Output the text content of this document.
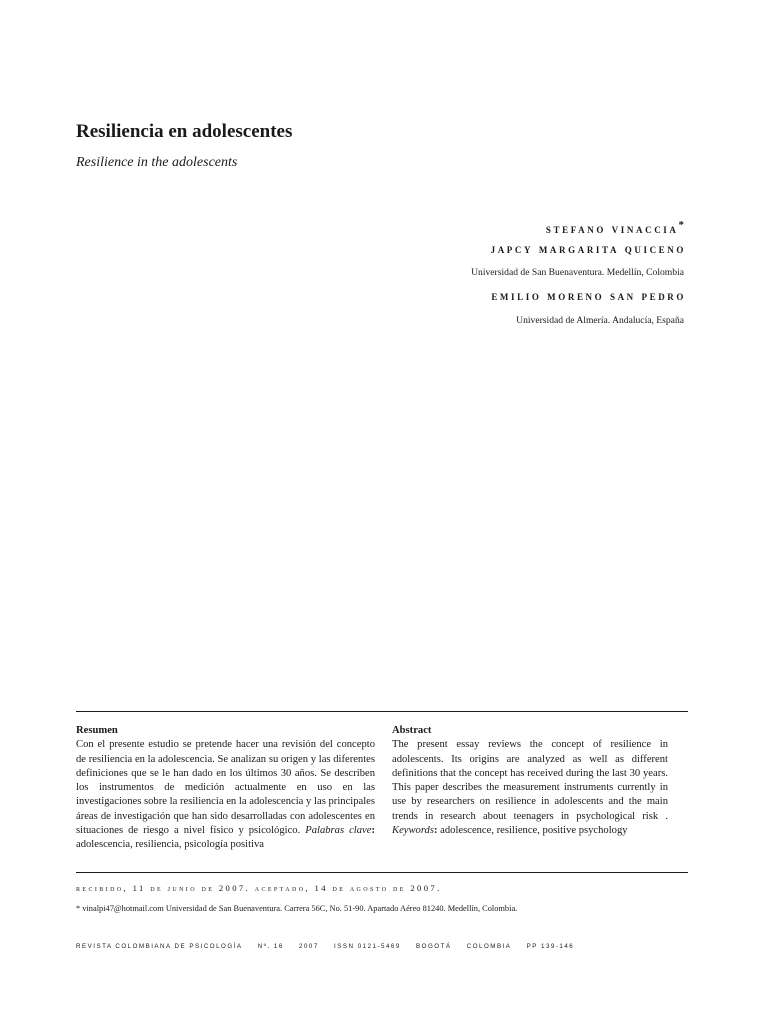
Resiliencia en adolescentes
Resilience in the adolescents
stefano vinaccia*
japcy margarita quiceno
Universidad de San Buenaventura. Medellín, Colombia
emilio moreno san pedro
Universidad de Almería. Andalucía, España
Resumen

Con el presente estudio se pretende hacer una revisión del concepto de resiliencia en la adolescencia. Se analizan su origen y las diferentes definiciones que se le han dado en los últimos 30 años. Se describen los instrumentos de medición actualmente en uso en las investigaciones sobre la resiliencia en la adolescencia y las principales áreas de investigación que han sido desarrolladas con adolescentes en situaciones de riesgo a nivel físico y psicológico. Palabras clave: adolescencia, resiliencia, psicología positiva

Abstract

The present essay reviews the concept of resilience in adolescents. Its origins are analyzed as well as different definitions that the concept has received during the last 30 years. This paper describes the measurement instruments currently in use by researchers on resilience in adolescents and the main trends in research about teenagers in psychological risk . Keywords: adolescence, resilience, positive psychology

recibido, 11 de junio de 2007. aceptado, 14 de agosto de 2007.
* vinalpi47@hotmail.com Universidad de San Buenaventura. Carrera 56C, No. 51-90. Apartado Aéreo 81240. Medellín, Colombia.
REVISTA COLOMBIANA DE PSICOLOGÍA Nº. 16 2007 ISSN 0121-5469 BOGOTÁ COLOMBIA PP 139-146
